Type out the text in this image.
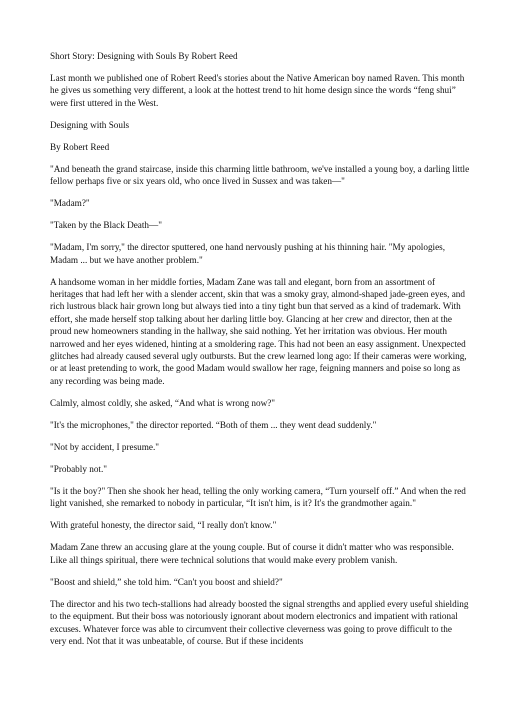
Short Story: Designing with Souls By Robert Reed

Last month we published one of Robert Reed's stories about the Native American boy named Raven. This month he gives us something very different, a look at the hottest trend to hit home design since the words “feng shui” were first uttered in the West.

Designing with Souls

By Robert Reed

"And beneath the grand staircase, inside this charming little bathroom, we've installed a young boy, a darling little fellow perhaps five or six years old, who once lived in Sussex and was taken—"

"Madam?"

"Taken by the Black Death—"

"Madam, I'm sorry," the director sputtered, one hand nervously pushing at his thinning hair. "My apologies, Madam ... but we have another problem."

A handsome woman in her middle forties, Madam Zane was tall and elegant, born from an assortment of heritages that had left her with a slender accent, skin that was a smoky gray, almond-shaped jade-green eyes, and rich lustrous black hair grown long but always tied into a tiny tight bun that served as a kind of trademark. With effort, she made herself stop talking about her darling little boy. Glancing at her crew and director, then at the proud new homeowners standing in the hallway, she said nothing. Yet her irritation was obvious. Her mouth narrowed and her eyes widened, hinting at a smoldering rage. This had not been an easy assignment. Unexpected glitches had already caused several ugly outbursts. But the crew learned long ago: If their cameras were working, or at least pretending to work, the good Madam would swallow her rage, feigning manners and poise so long as any recording was being made.

Calmly, almost coldly, she asked, “And what is wrong now?"

"It's the microphones," the director reported. “Both of them ... they went dead suddenly."

"Not by accident, I presume."

"Probably not."

"Is it the boy?" Then she shook her head, telling the only working camera, “Turn yourself off.” And when the red light vanished, she remarked to nobody in particular, “It isn't him, is it? It's the grandmother again."

With grateful honesty, the director said, “I really don't know."

Madam Zane threw an accusing glare at the young couple. But of course it didn't matter who was responsible. Like all things spiritual, there were technical solutions that would make every problem vanish.

"Boost and shield,” she told him. “Can't you boost and shield?"

The director and his two tech-stallions had already boosted the signal strengths and applied every useful shielding to the equipment. But their boss was notoriously ignorant about modern electronics and impatient with rational excuses. Whatever force was able to circumvent their collective cleverness was going to prove difficult to the very end. Not that it was unbeatable, of course. But if these incidents
